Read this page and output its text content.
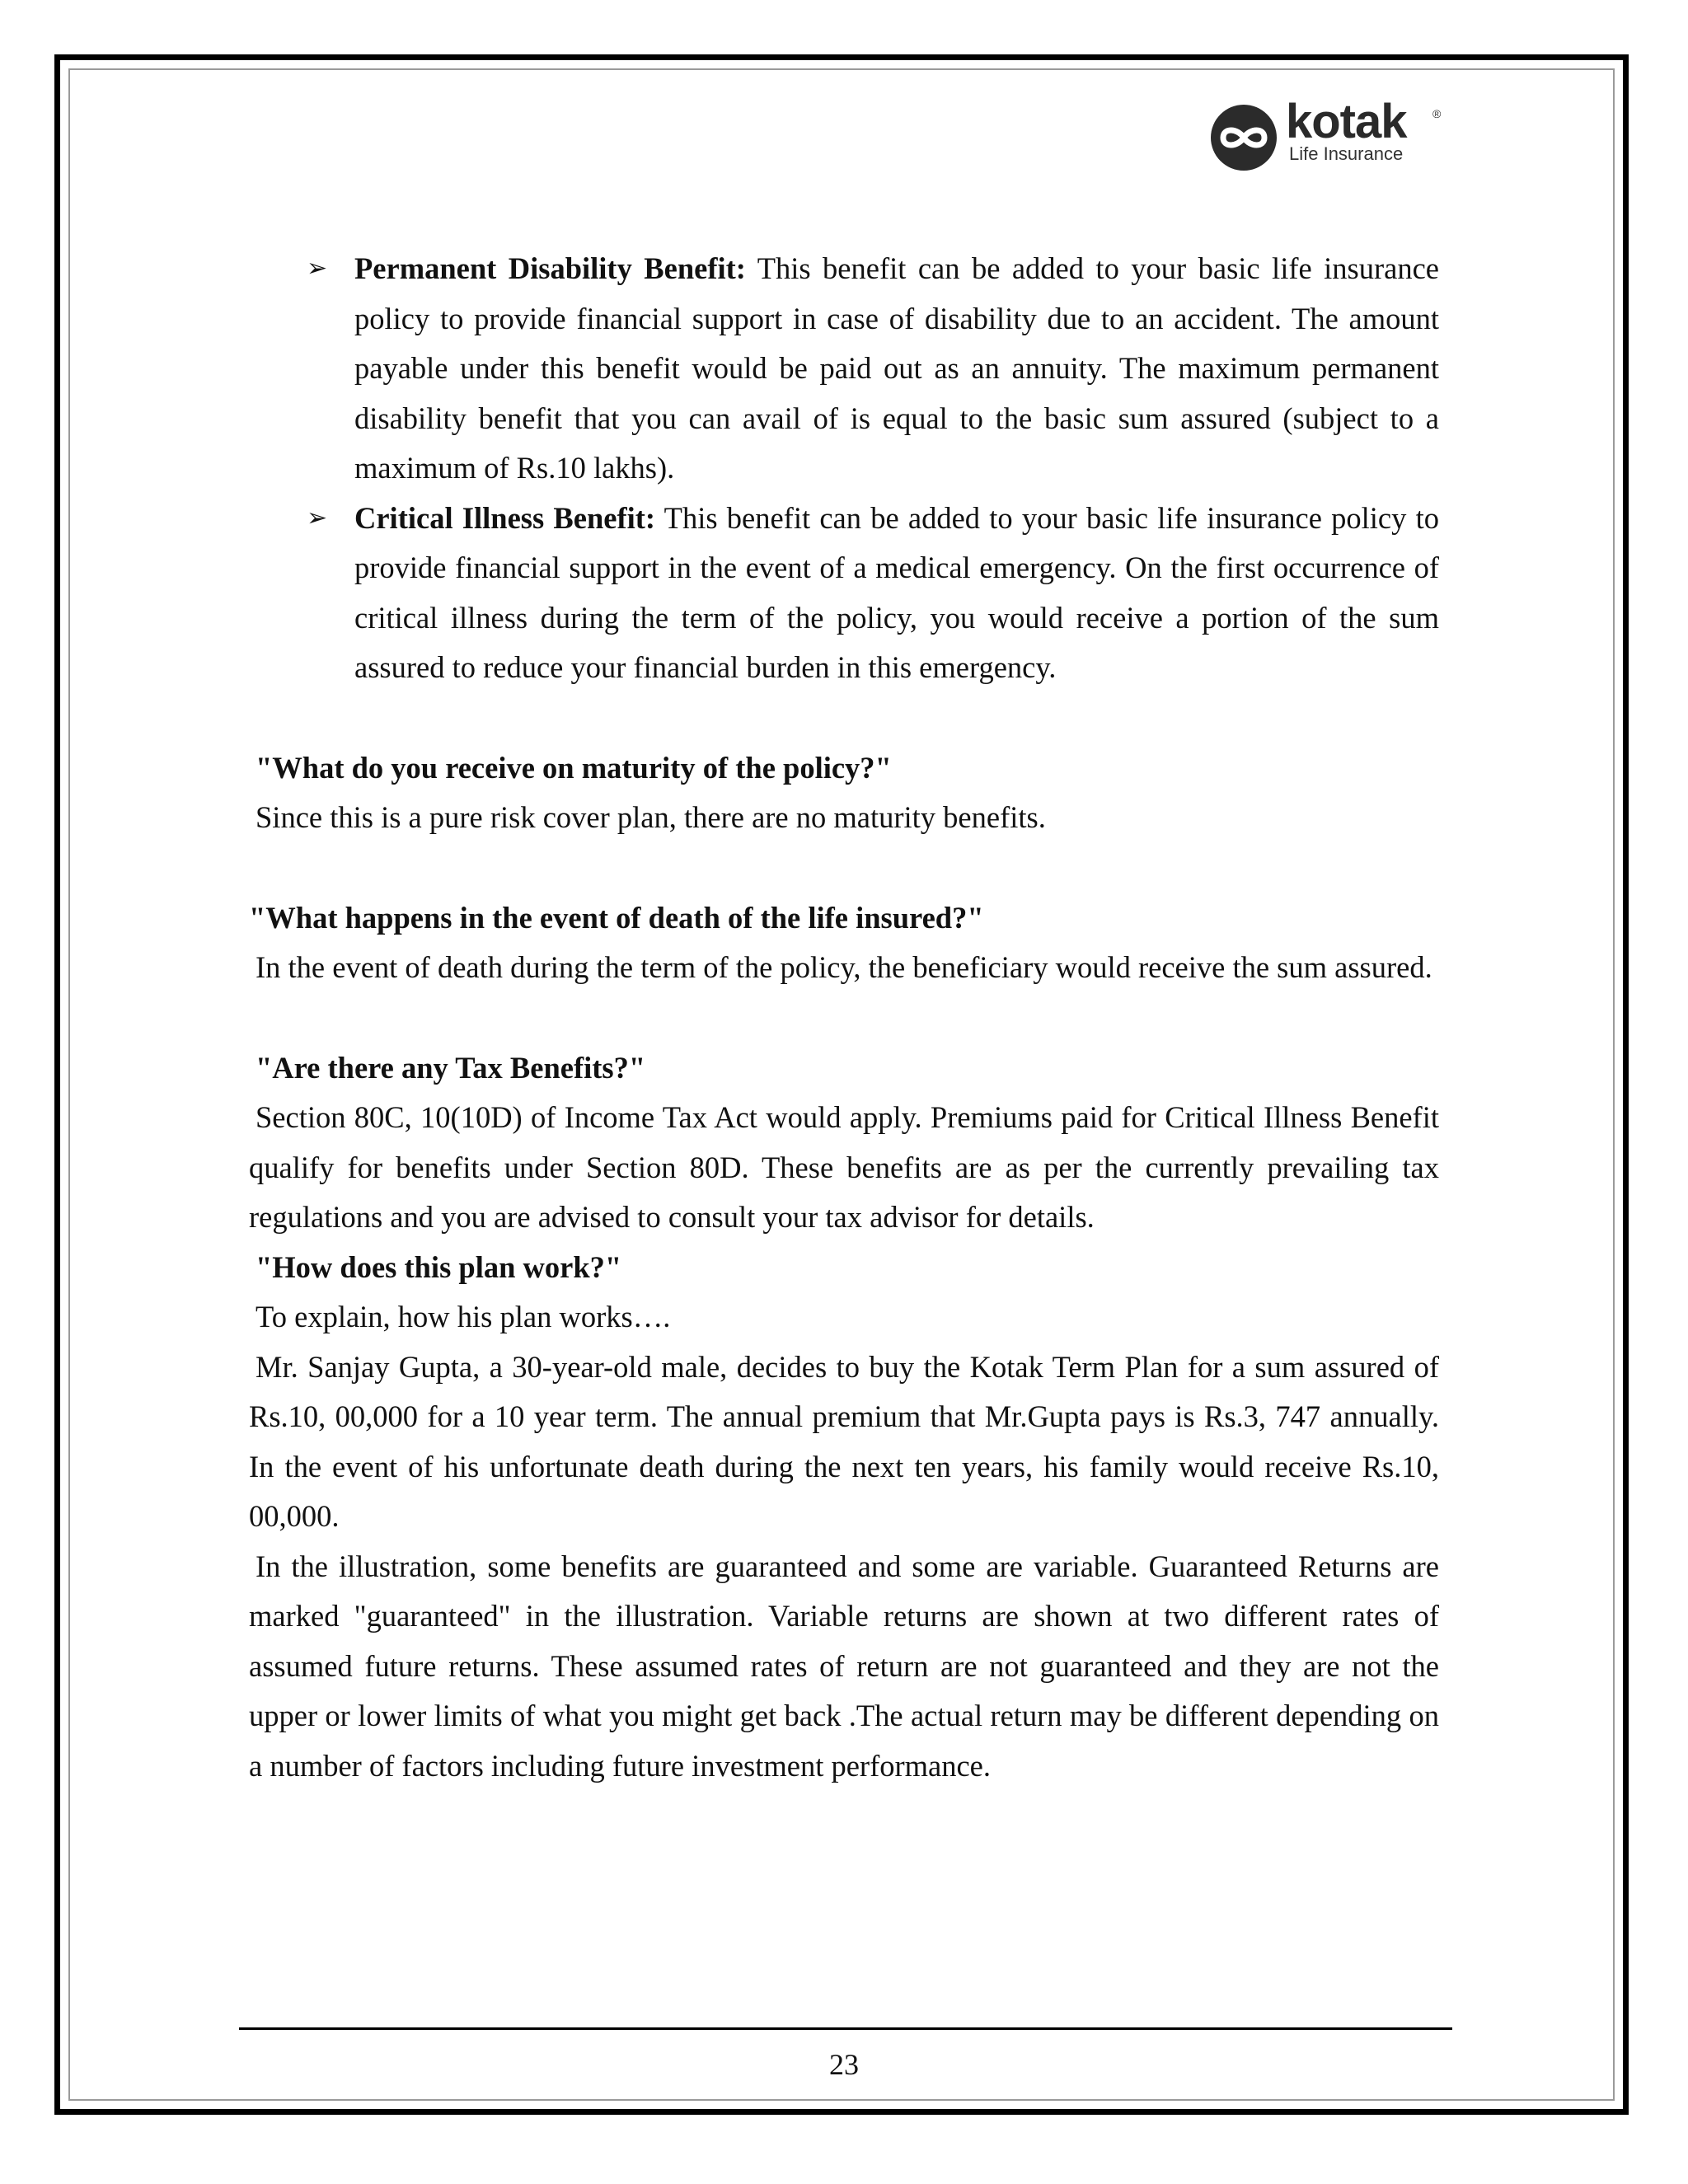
kotak ®
Life Insurance
➢ Permanent Disability Benefit: This benefit can be added to your basic life insurance policy to provide financial support in case of disability due to an accident. The amount payable under this benefit would be paid out as an annuity. The maximum permanent disability benefit that you can avail of is equal to the basic sum assured (subject to a maximum of Rs.10 lakhs).
➢ Critical Illness Benefit: This benefit can be added to your basic life insurance policy to provide financial support in the event of a medical emergency. On the first occurrence of critical illness during the term of the policy, you would receive a portion of the sum assured to reduce your financial burden in this emergency.

"What do you receive on maturity of the policy?"

Since this is a pure risk cover plan, there are no maturity benefits.

"What happens in the event of death of the life insured?"

In the event of death during the term of the policy, the beneficiary would receive the sum assured.

"Are there any Tax Benefits?"

Section 80C, 10(10D) of Income Tax Act would apply. Premiums paid for Critical Illness Benefit qualify for benefits under Section 80D. These benefits are as per the currently prevailing tax regulations and you are advised to consult your tax advisor for details.

"How does this plan work?"

To explain, how his plan works….

Mr. Sanjay Gupta, a 30-year-old male, decides to buy the Kotak Term Plan for a sum assured of Rs.10, 00,000 for a 10 year term. The annual premium that Mr.Gupta pays is Rs.3, 747 annually. In the event of his unfortunate death during the next ten years, his family would receive Rs.10, 00,000.

In the illustration, some benefits are guaranteed and some are variable. Guaranteed Returns are marked "guaranteed" in the illustration. Variable returns are shown at two different rates of assumed future returns. These assumed rates of return are not guaranteed and they are not the upper or lower limits of what you might get back .The actual return may be different depending on a number of factors including future investment performance.

23
